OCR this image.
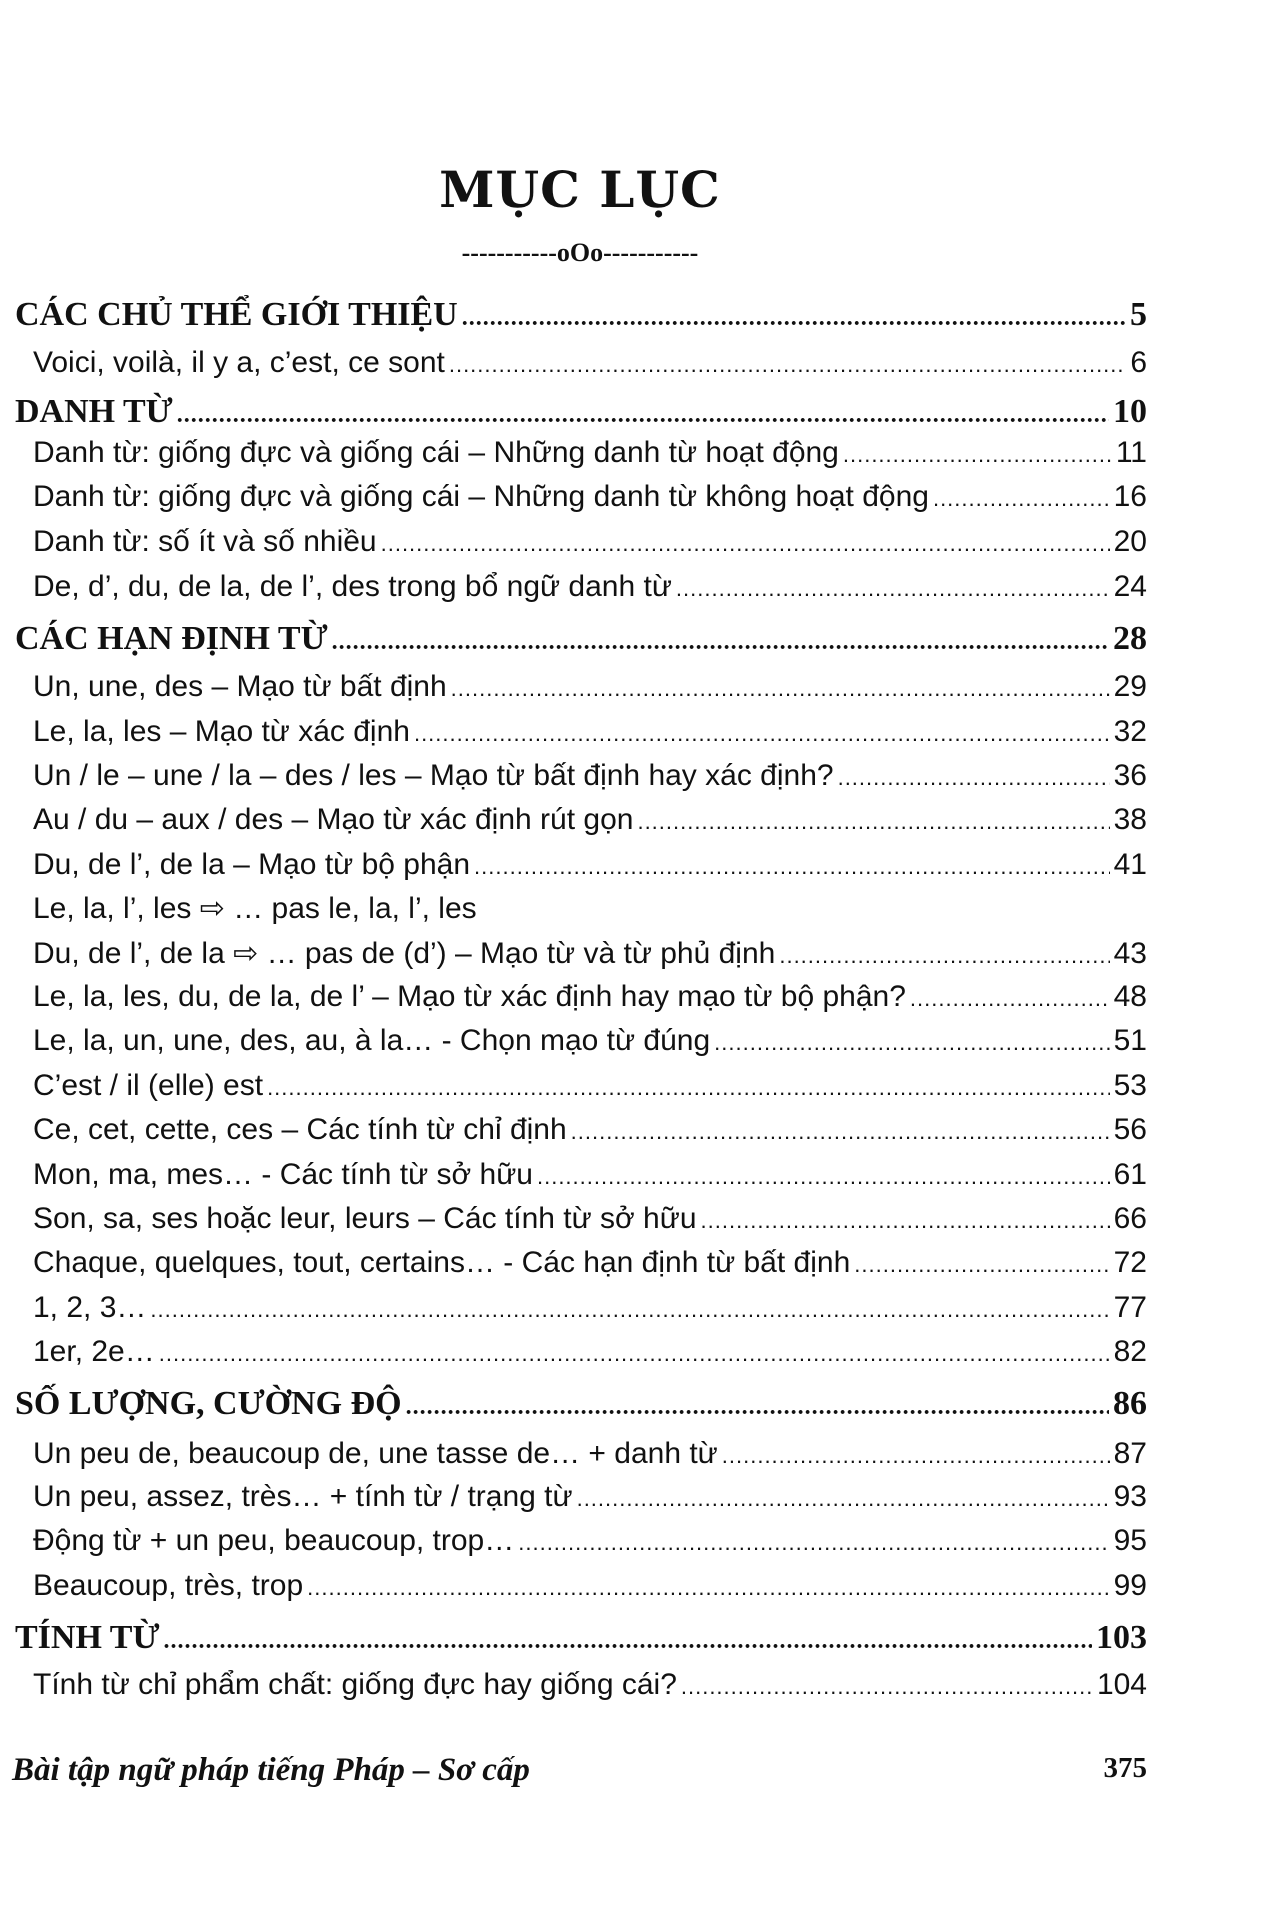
MỤC LỤC
-----------oOo-----------
CÁC CHỦ THỂ GIỚI THIỆU .....	5
Voici, voilà, il y a, c’est, ce sont .....	6
DANH TỪ .....	10
Danh từ: giống đực và giống cái – Những danh từ hoạt động .....	11
Danh từ: giống đực và giống cái – Những danh từ không hoạt động .....	16
Danh từ: số ít và số nhiều .....	20
De, d’, du, de la, de l’, des trong bổ ngữ danh từ .....	24
CÁC HẠN ĐỊNH TỪ .....	28
Un, une, des – Mạo từ bất định .....	29
Le, la, les – Mạo từ xác định .....	32
Un / le – une / la – des / les – Mạo từ bất định hay xác định? .....	36
Au / du – aux / des – Mạo từ xác định rút gọn .....	38
Du, de l’, de la – Mạo từ bộ phận .....	41
Le, la, l’, les ⇨ … pas le, la, l’, les
Du, de l’, de la ⇨ … pas de (d’) – Mạo từ và từ phủ định .....	43
Le, la, les, du, de la, de l’ – Mạo từ xác định hay mạo từ bộ phận? .....	48
Le, la, un, une, des, au, à la… - Chọn mạo từ đúng .....	51
C’est / il (elle) est .....	53
Ce, cet, cette, ces – Các tính từ chỉ định .....	56
Mon, ma, mes… - Các tính từ sở hữu .....	61
Son, sa, ses hoặc leur, leurs – Các tính từ sở hữu .....	66
Chaque, quelques, tout, certains… - Các hạn định từ bất định .....	72
1, 2, 3… .....	77
1er, 2e… .....	82
SỐ LƯỢNG, CƯỜNG ĐỘ .....	86
Un peu de, beaucoup de, une tasse de… + danh từ .....	87
Un peu, assez, très… + tính từ / trạng từ .....	93
Động từ + un peu, beaucoup, trop… .....	95
Beaucoup, très, trop .....	99
TÍNH TỪ .....	103
Tính từ chỉ phẩm chất: giống đực hay giống cái? .....	104
Bài tập ngữ pháp tiếng Pháp – Sơ cấp	375
